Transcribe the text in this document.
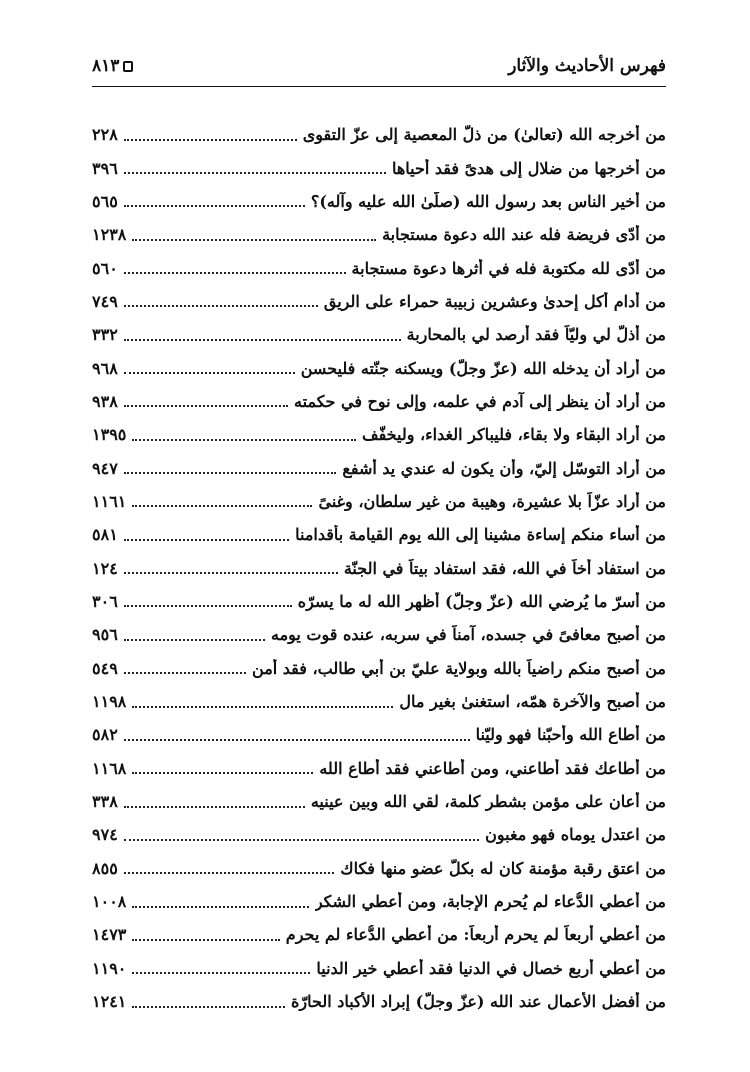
فهرس الأحاديث والآثار
٨١٣
من أخرجه الله (تعالىٰ) من ذلّ المعصية إلى عزّ التقوى
٢٢٨
من أخرجها من ضلال إلى هدىً فقد أحياها
٣٩٦
من أخير الناس بعد رسول الله (صلّىٰ الله عليه وآله)؟
٥٦٥
من أدّى فريضة فله عند الله دعوة مستجابة
١٢٣٨
من أدّى لله مكتوبة فله في أثرها دعوة مستجابة
٥٦٠
من أدام أكل إحدىٰ وعشرين زبيبة حمراء على الريق
٧٤٩
من أذلّ لي وليّاً فقد أرصد لي بالمحاربة
٣٣٢
من أراد أن يدخله الله (عزّ وجلّ) ويسكنه جنّته فليحسن
٩٦٨
من أراد أن ينظر إلى آدم في علمه، وإلى نوح في حكمته
٩٣٨
من أراد البقاء ولا بقاء، فليباكر الغداء، وليخفّف
١٣٩٥
من أراد التوسّل إليّ، وأن يكون له عندي يد أشفع
٩٤٧
من أراد عزّاً بلا عشيرة، وهيبة من غير سلطان، وغنىً
١١٦١
من أساء منكم إساءة مشينا إلى الله يوم القيامة بأقدامنا
٥٨١
من استفاد أخاً في الله، فقد استفاد بيتاً في الجنّة
١٢٤
من أسرّ ما يُرضي الله (عزّ وجلّ) أظهر الله له ما يسرّه
٣٠٦
من أصبح معافىً في جسده، آمناً في سربه، عنده قوت يومه
٩٥٦
من أصبح منكم راضياً بالله وبولاية عليّ بن أبي طالب، فقد أمن
٥٤٩
من أصبح والآخرة همّه، استغنىٰ بغير مال
١١٩٨
من أطاع الله وأحبّنا فهو وليّنا
٥٨٢
من أطاعك فقد أطاعني، ومن أطاعني فقد أطاع الله
١١٦٨
من أعان على مؤمن بشطر كلمة، لقي الله وبين عينيه
٣٣٨
من اعتدل يوماه فهو مغبون
٩٧٤
من اعتق رقبة مؤمنة كان له بكلّ عضو منها فكاك
٨٥٥
من أُعطي الدُّعاء لم يُحرم الإجابة، ومن أُعطي الشكر
١٠٠٨
من أُعطي أربعاً لم يحرم أربعاً: من أُعطي الدُّعاء لم يحرم
١٤٧٣
من أُعطي أربع خصال في الدنيا فقد أُعطي خير الدنيا
١١٩٠
من أفضل الأعمال عند الله (عزّ وجلّ) إبراد الأكباد الحارّة
١٢٤١
